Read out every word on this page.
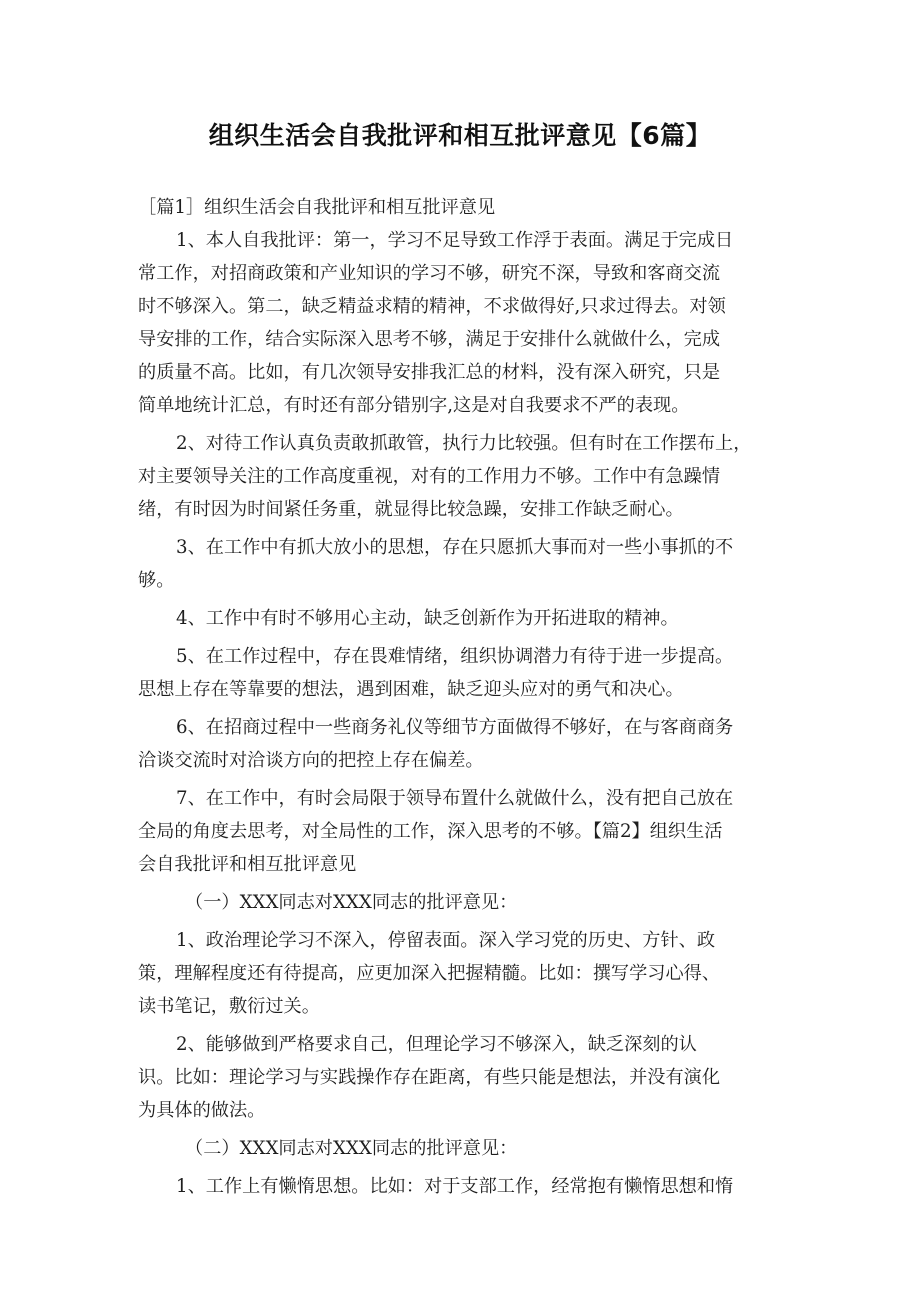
组织生活会自我批评和相互批评意见【6篇】
［篇1］组织生活会自我批评和相互批评意见
1、本人自我批评：第一，学习不足导致工作浮于表面。满足于完成日
常工作，对招商政策和产业知识的学习不够，研究不深，导致和客商交流
时不够深入。第二，缺乏精益求精的精神，不求做得好,只求过得去。对领
导安排的工作，结合实际深入思考不够，满足于安排什么就做什么，完成
的质量不高。比如，有几次领导安排我汇总的材料，没有深入研究，只是
简单地统计汇总，有时还有部分错别字,这是对自我要求不严的表现。
2、对待工作认真负责敢抓敢管，执行力比较强。但有时在工作摆布上，
对主要领导关注的工作高度重视，对有的工作用力不够。工作中有急躁情
绪，有时因为时间紧任务重，就显得比较急躁，安排工作缺乏耐心。
3、在工作中有抓大放小的思想，存在只愿抓大事而对一些小事抓的不
够。
4、工作中有时不够用心主动，缺乏创新作为开拓进取的精神。
5、在工作过程中，存在畏难情绪，组织协调潜力有待于进一步提高。
思想上存在等靠要的想法，遇到困难，缺乏迎头应对的勇气和决心。
6、在招商过程中一些商务礼仪等细节方面做得不够好，在与客商商务
洽谈交流时对洽谈方向的把控上存在偏差。
7、在工作中，有时会局限于领导布置什么就做什么，没有把自己放在
全局的角度去思考，对全局性的工作，深入思考的不够。【篇2】组织生活
会自我批评和相互批评意见
（一）XXX同志对XXX同志的批评意见：
1、政治理论学习不深入，停留表面。深入学习党的历史、方针、政
策，理解程度还有待提高，应更加深入把握精髓。比如：撰写学习心得、
读书笔记，敷衍过关。
2、能够做到严格要求自己，但理论学习不够深入，缺乏深刻的认
识。比如：理论学习与实践操作存在距离，有些只能是想法，并没有演化
为具体的做法。
（二）XXX同志对XXX同志的批评意见：
1、工作上有懒惰思想。比如：对于支部工作，经常抱有懒惰思想和惰
